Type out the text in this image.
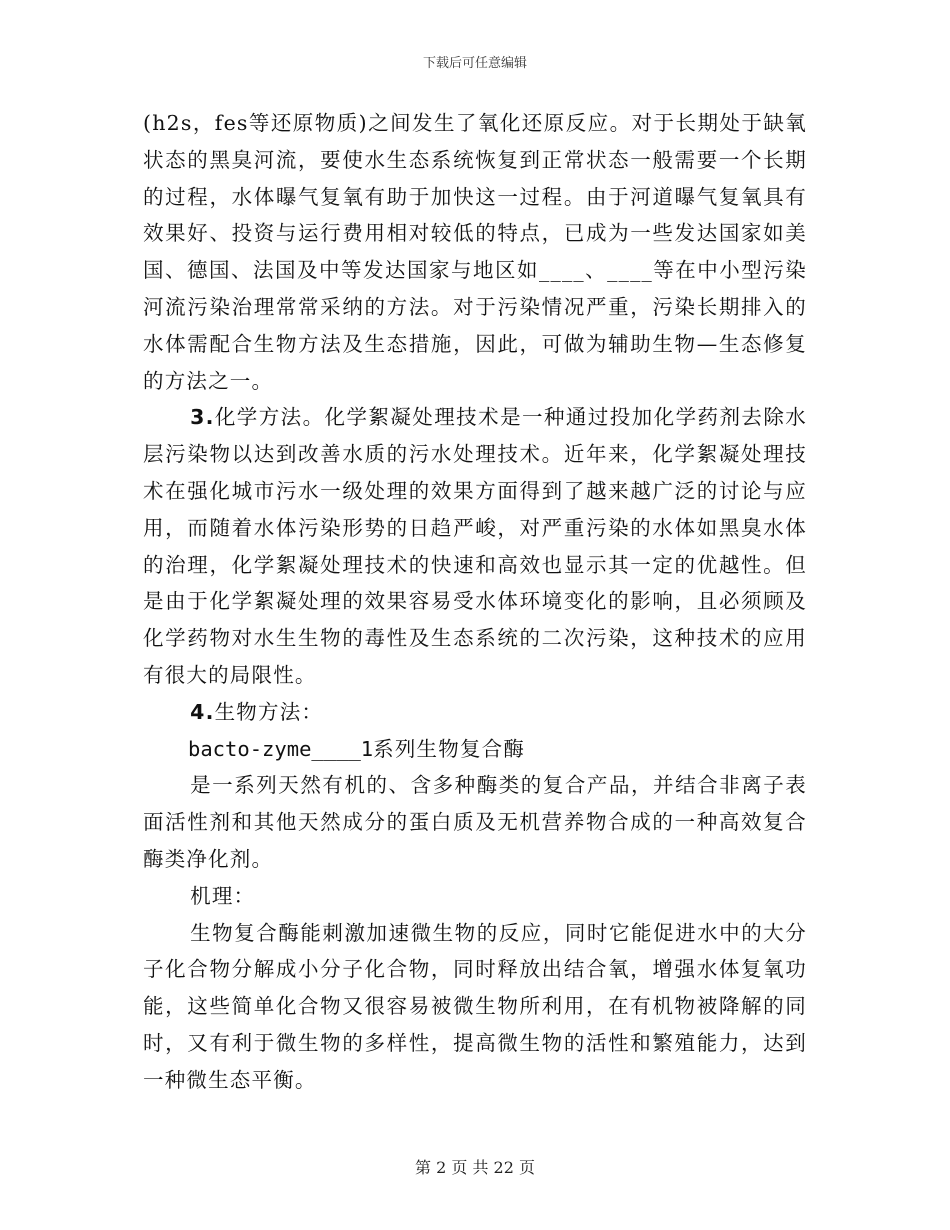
下载后可任意编辑

(h2s，fes等还原物质)之间发生了氧化还原反应。对于长期处于缺氧状态的黑臭河流，要使水生态系统恢复到正常状态一般需要一个长期的过程，水体曝气复氧有助于加快这一过程。由于河道曝气复氧具有效果好、投资与运行费用相对较低的特点，已成为一些发达国家如美国、德国、法国及中等发达国家与地区如____、____等在中小型污染河流污染治理常常采纳的方法。对于污染情况严重，污染长期排入的水体需配合生物方法及生态措施，因此，可做为辅助生物—生态修复的方法之一。

3.化学方法。化学絮凝处理技术是一种通过投加化学药剂去除水层污染物以达到改善水质的污水处理技术。近年来，化学絮凝处理技术在强化城市污水一级处理的效果方面得到了越来越广泛的讨论与应用，而随着水体污染形势的日趋严峻，对严重污染的水体如黑臭水体的治理，化学絮凝处理技术的快速和高效也显示其一定的优越性。但是由于化学絮凝处理的效果容易受水体环境变化的影响，且必须顾及化学药物对水生生物的毒性及生态系统的二次污染，这种技术的应用有很大的局限性。

4.生物方法：

bacto-zyme____1系列生物复合酶

是一系列天然有机的、含多种酶类的复合产品，并结合非离子表面活性剂和其他天然成分的蛋白质及无机营养物合成的一种高效复合酶类净化剂。

机理：

生物复合酶能刺激加速微生物的反应，同时它能促进水中的大分子化合物分解成小分子化合物，同时释放出结合氧，增强水体复氧功能，这些简单化合物又很容易被微生物所利用，在有机物被降解的同时，又有利于微生物的多样性，提高微生物的活性和繁殖能力，达到一种微生态平衡。

第 2 页 共 22 页
